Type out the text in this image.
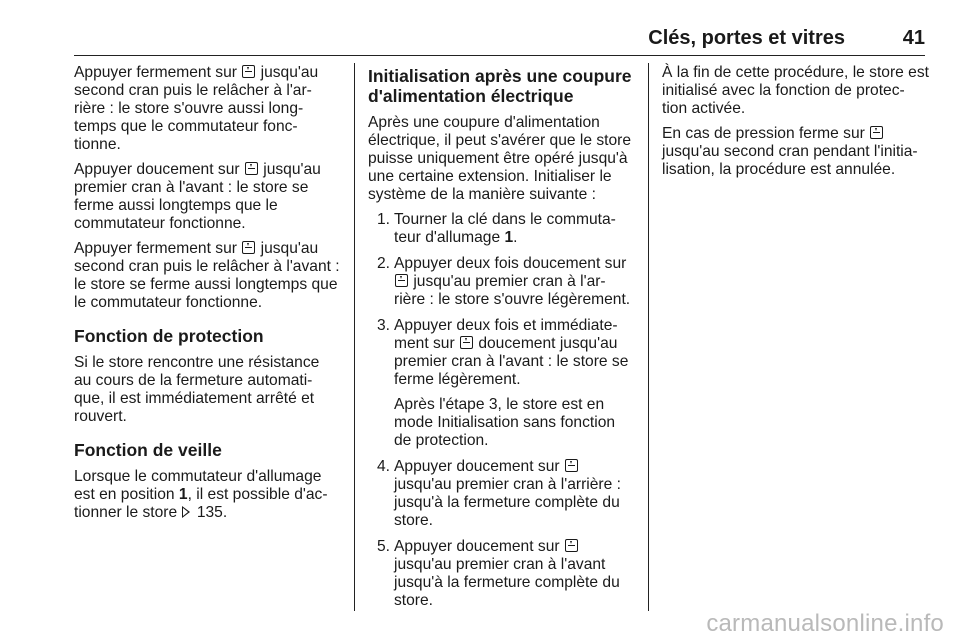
Clés, portes et vitres	41

Appuyer fermement sur  jusqu'au
second cran puis le relâcher à l'ar-
rière : le store s'ouvre aussi long-
temps que le commutateur fonc-
tionne.

Appuyer doucement sur  jusqu'au
premier cran à l'avant : le store se
ferme aussi longtemps que le
commutateur fonctionne.

Appuyer fermement sur  jusqu'au
second cran puis le relâcher à l'avant :
le store se ferme aussi longtemps que
le commutateur fonctionne.

Fonction de protection

Si le store rencontre une résistance
au cours de la fermeture automati-
que, il est immédiatement arrêté et
rouvert.

Fonction de veille

Lorsque le commutateur d'allumage
est en position 1, il est possible d'ac-
tionner le store  135.

Initialisation après une coupure
d'alimentation électrique

Après une coupure d'alimentation
électrique, il peut s'avérer que le store
puisse uniquement être opéré jusqu'à
une certaine extension. Initialiser le
système de la manière suivante :

1. Tourner la clé dans le commuta-
teur d'allumage 1.

2. Appuyer deux fois doucement sur
jusqu'au premier cran à l'ar-
rière : le store s'ouvre légèrement.

3. Appuyer deux fois et immédiate-
ment sur  doucement jusqu'au
premier cran à l'avant : le store se
ferme légèrement.

Après l'étape 3, le store est en
mode Initialisation sans fonction
de protection.

4. Appuyer doucement sur
jusqu'au premier cran à l'arrière :
jusqu'à la fermeture complète du
store.

5. Appuyer doucement sur
jusqu'au premier cran à l'avant
jusqu'à la fermeture complète du
store.

À la fin de cette procédure, le store est
initialisé avec la fonction de protec-
tion activée.

En cas de pression ferme sur
jusqu'au second cran pendant l'initia-
lisation, la procédure est annulée.

carmanualsonline.info
